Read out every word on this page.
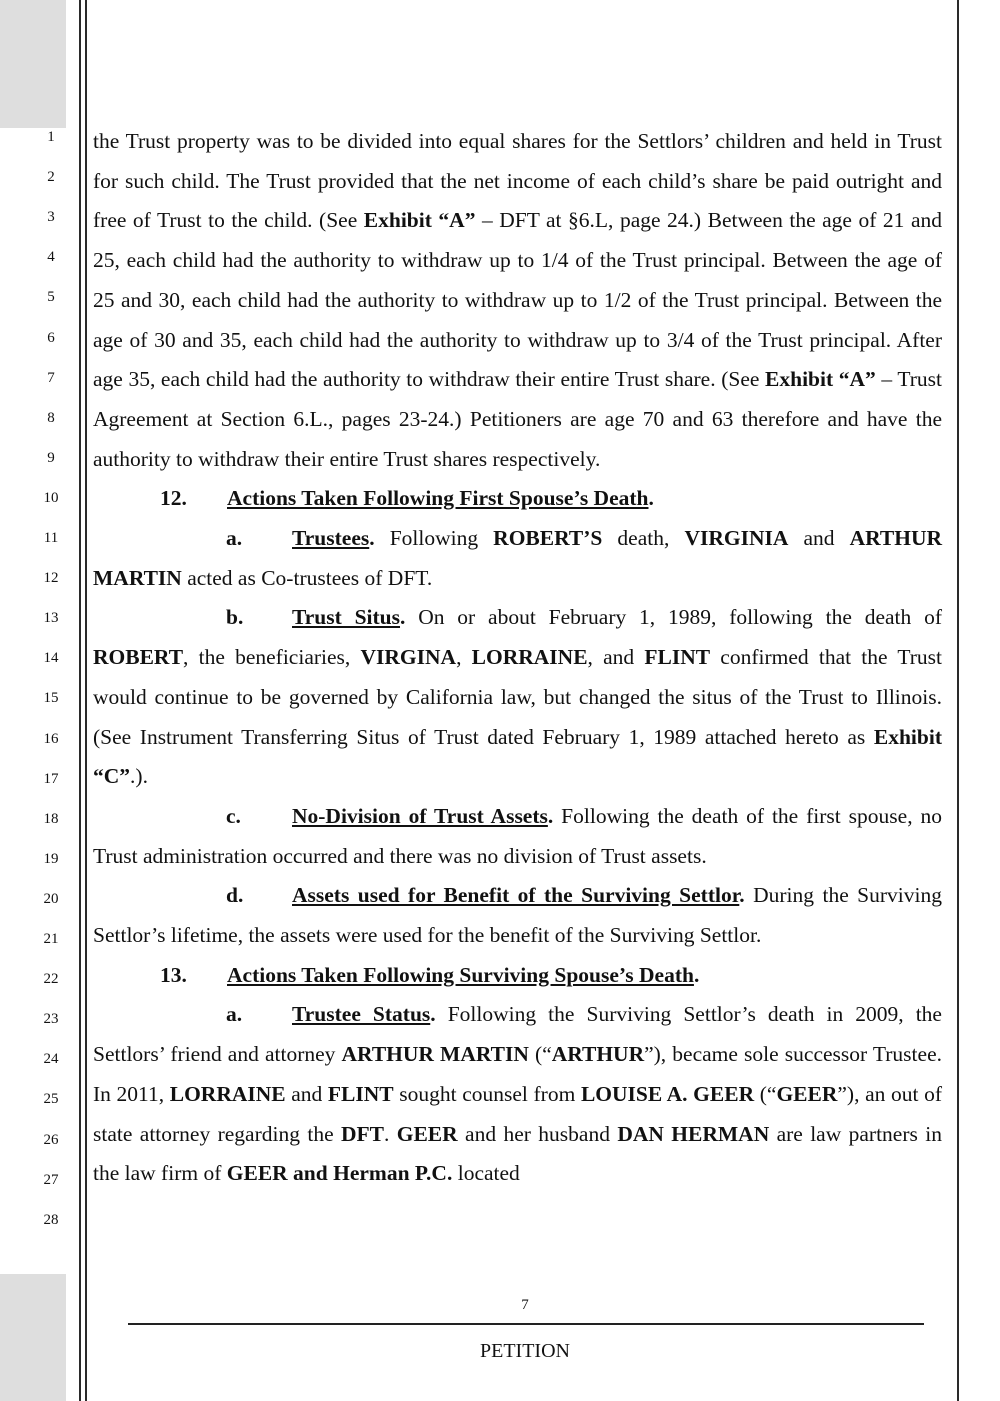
1
2
3
4
5
6
7
8
9
10
11
12
13
14
15
16
17
18
19
20
21
22
23
24
25
26
27
28

the Trust property was to be divided into equal shares for the Settlors’ children and held in Trust for such child. The Trust provided that the net income of each child’s share be paid outright and free of Trust to the child. (See Exhibit “A” – DFT at §6.L, page 24.) Between the age of 21 and 25, each child had the authority to withdraw up to 1/4 of the Trust principal. Between the age of 25 and 30, each child had the authority to withdraw up to 1/2 of the Trust principal. Between the age of 30 and 35, each child had the authority to withdraw up to 3/4 of the Trust principal. After age 35, each child had the authority to withdraw their entire Trust share. (See Exhibit “A” – Trust Agreement at Section 6.L., pages 23-24.) Petitioners are age 70 and 63 therefore and have the authority to withdraw their entire Trust shares respectively.

12. Actions Taken Following First Spouse’s Death.

a. Trustees. Following ROBERT’S death, VIRGINIA and ARTHUR MARTIN acted as Co-trustees of DFT.

b. Trust Situs. On or about February 1, 1989, following the death of ROBERT, the beneficiaries, VIRGINA, LORRAINE, and FLINT confirmed that the Trust would continue to be governed by California law, but changed the situs of the Trust to Illinois. (See Instrument Transferring Situs of Trust dated February 1, 1989 attached hereto as Exhibit “C”.).

c. No-Division of Trust Assets. Following the death of the first spouse, no Trust administration occurred and there was no division of Trust assets.

d. Assets used for Benefit of the Surviving Settlor. During the Surviving Settlor’s lifetime, the assets were used for the benefit of the Surviving Settlor.

13. Actions Taken Following Surviving Spouse’s Death.

a. Trustee Status. Following the Surviving Settlor’s death in 2009, the Settlors’ friend and attorney ARTHUR MARTIN (“ARTHUR”), became sole successor Trustee. In 2011, LORRAINE and FLINT sought counsel from LOUISE A. GEER (“GEER”), an out of state attorney regarding the DFT. GEER and her husband DAN HERMAN are law partners in the law firm of GEER and Herman P.C. located

7
PETITION
